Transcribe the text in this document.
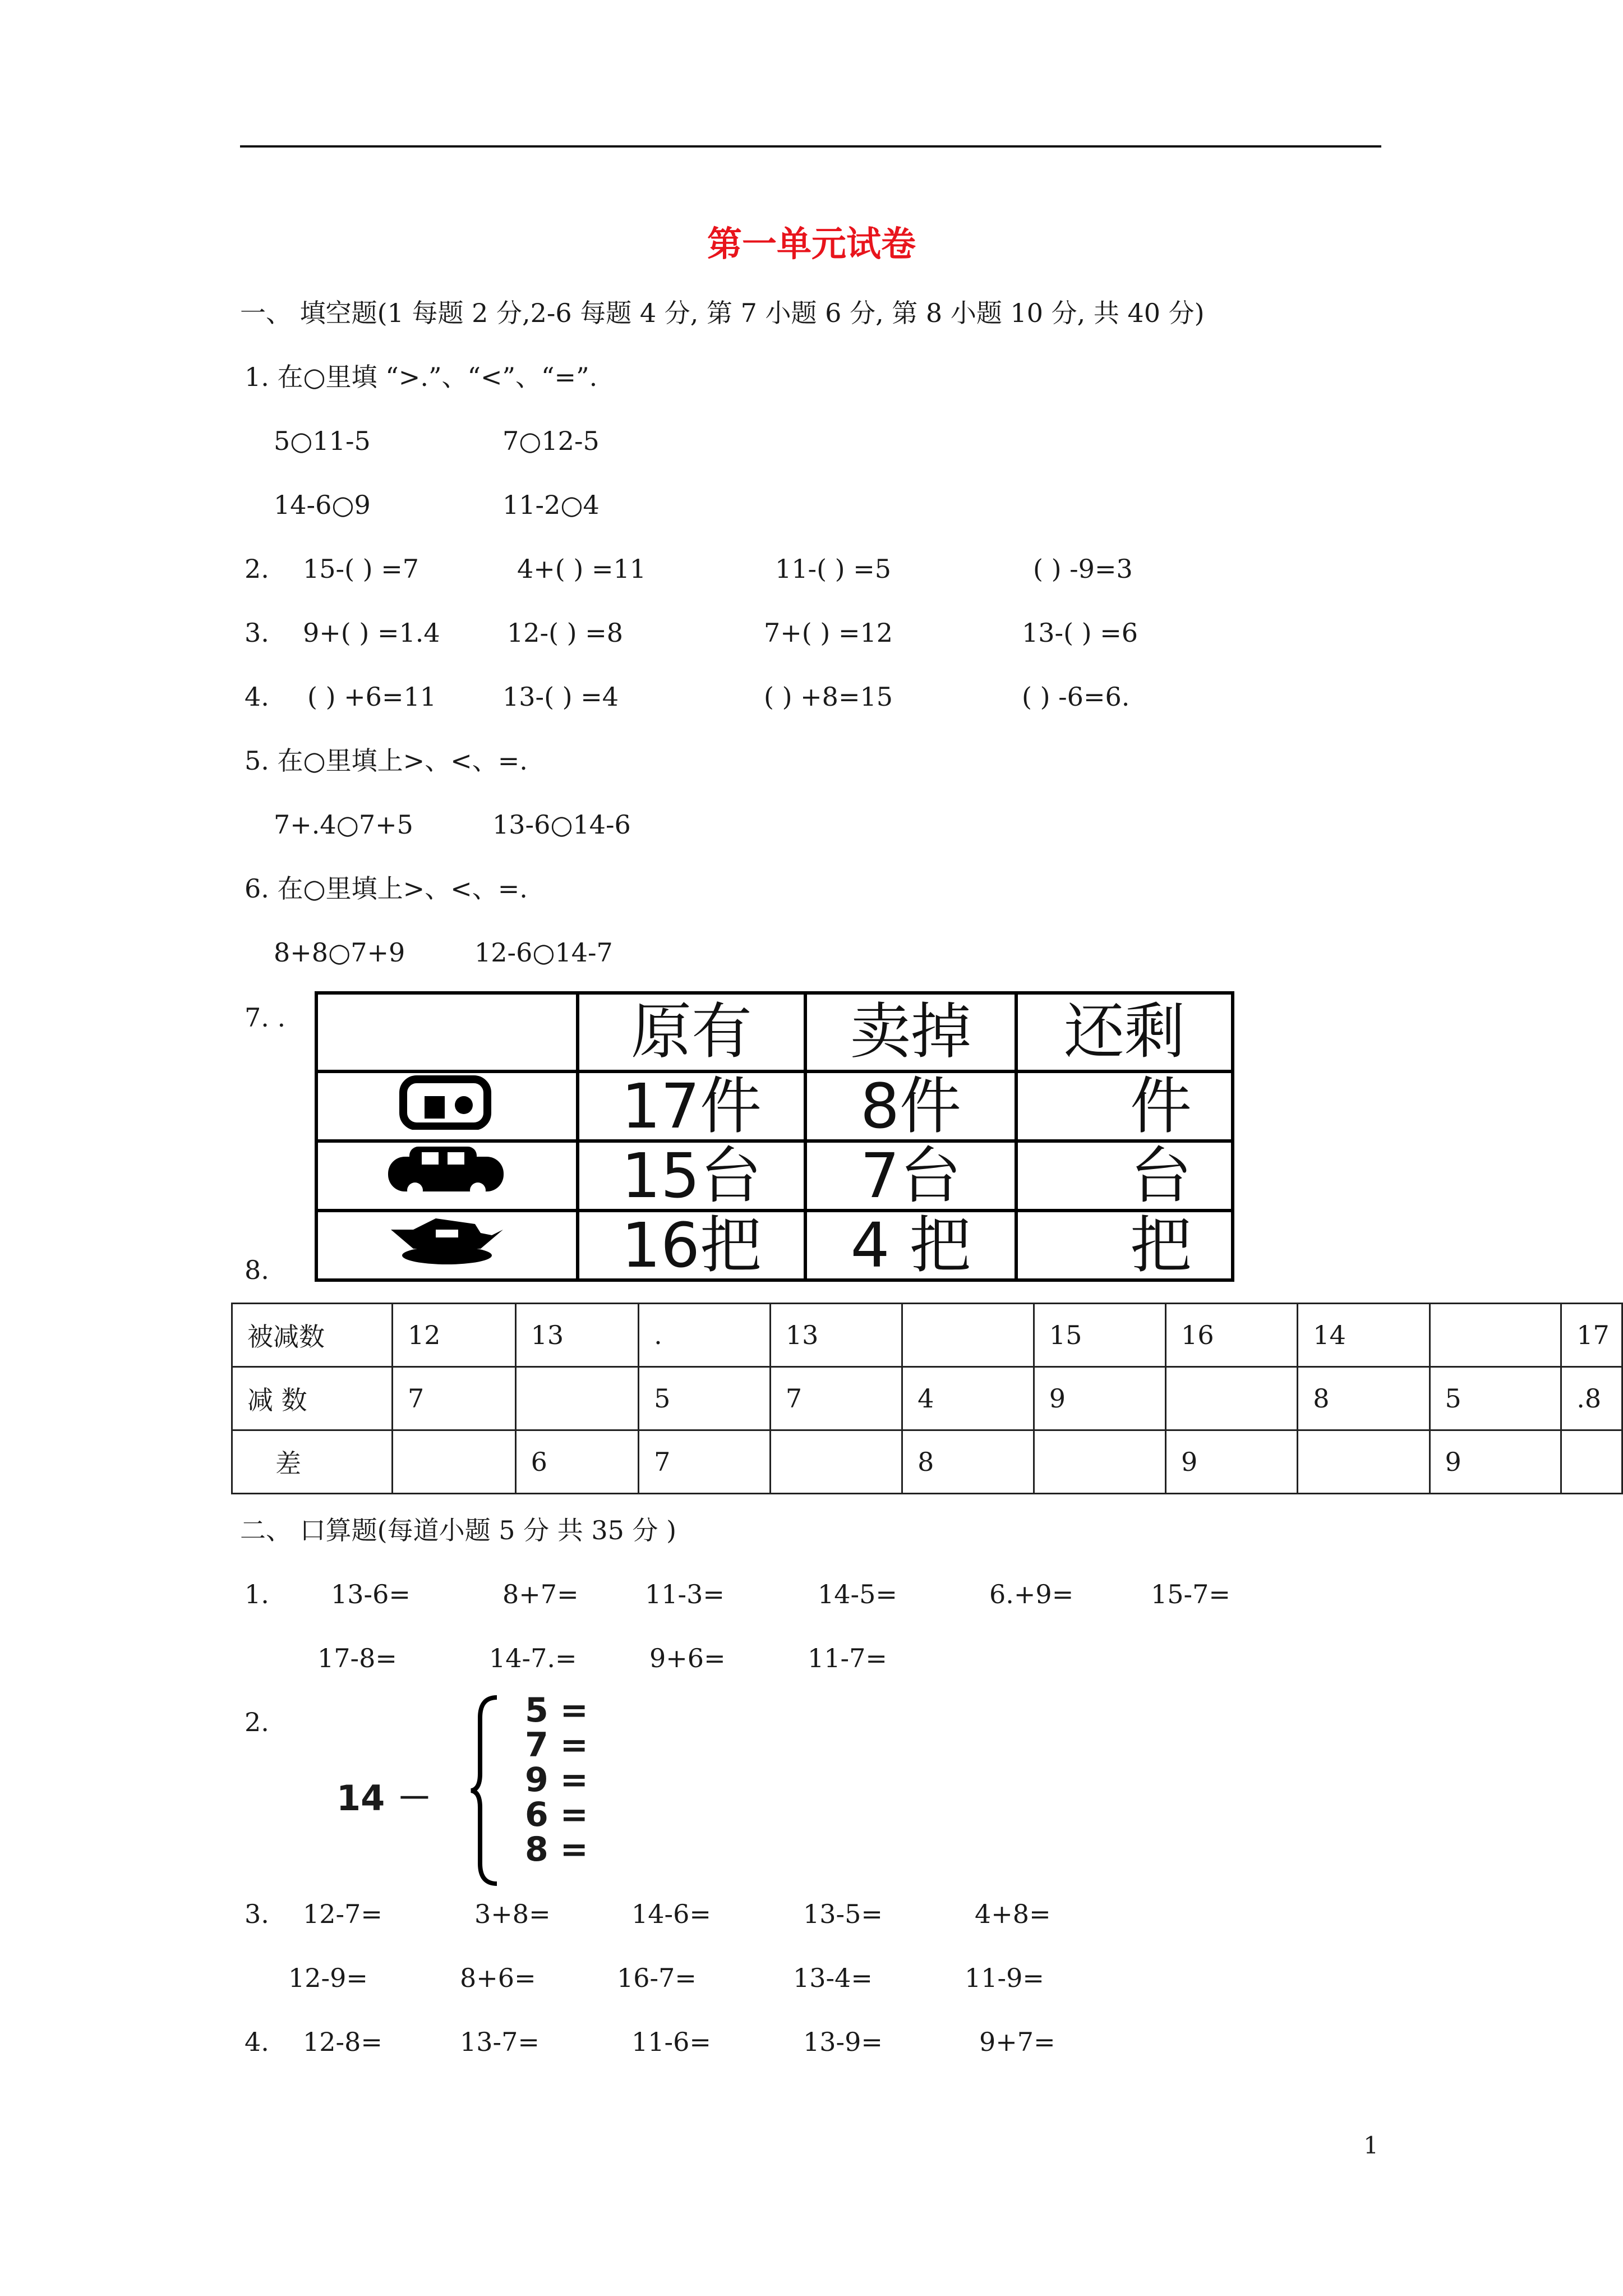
第一单元试卷
一、 填空题(1 每题 2 分,2-6 每题 4 分, 第 7 小题 6 分, 第 8 小题 10 分, 共 40 分)
1. 在○里填 “>.”、“<”、“=”.
5○11-5	7○12-5
14-6○9	11-2○4
2. 15-( ) =7	4+( ) =11	11-( ) =5	( ) -9=3
3. 9+( ) =1.4	12-( ) =8	7+( ) =12	13-( ) =6
4. ( ) +6=11	13-( ) =4	( ) +8=15	( ) -6=6.
5. 在○里填上>、<、=.
7+.4○7+5	13-6○14-6
6. 在○里填上>、<、=.
8+8○7+9	12-6○14-7
7. .
		原有	卖掉	还剩
	17件	8件	件
	15台	7台	台
	16把	4 把	把
8.
被减数	12	13	.	13		15	16	14		17
减 数	7		5	7	4	9		8	5	.8
差		6	7		8		9		9	
二、 口算题(每道小题 5 分 共 35 分 )
1. 13-6=	8+7=	11-3=	14-5=	6.+9=	15-7=
17-8=	14-7.=	9+6=	11-7=
2.
14 －
5 =
7 =
9 =
6 =
8 =
3. 12-7=	3+8=	14-6=	13-5=	4+8=
12-9=	8+6=	16-7=	13-4=	11-9=
4. 12-8=	13-7=	11-6=	13-9=	9+7=
1
